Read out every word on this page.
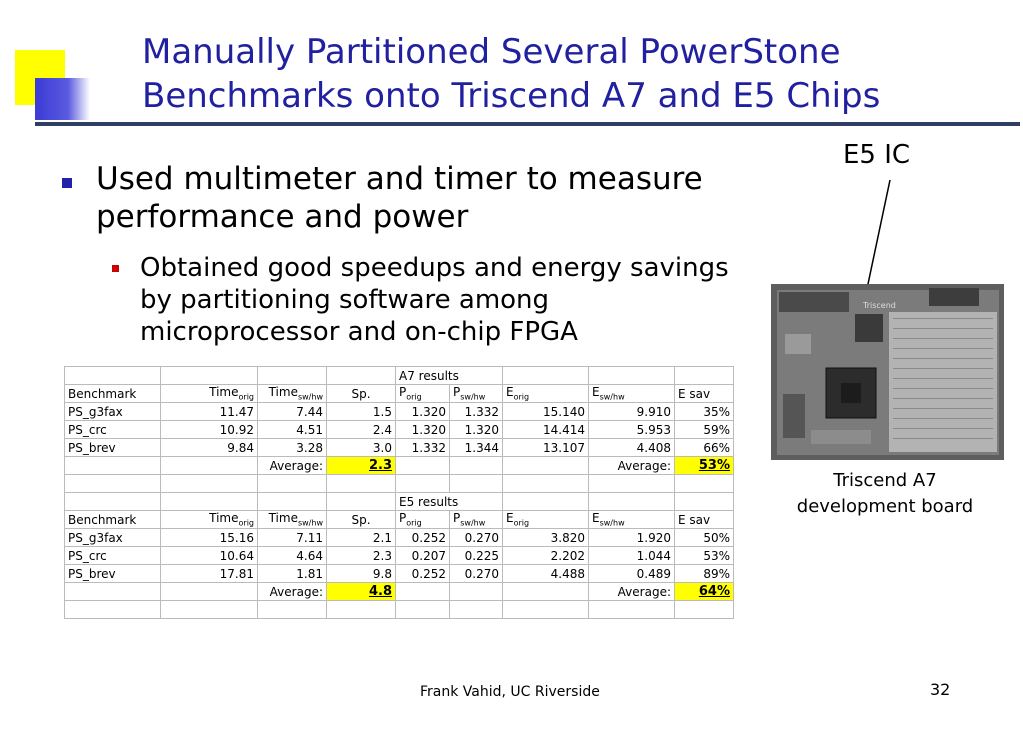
Manually Partitioned Several PowerStone
Benchmarks onto Triscend A7 and E5 Chips
Used multimeter and timer to measure performance and power
Obtained good speedups and energy savings by partitioning software among microprocessor and on-chip FPGA
E5 IC
Triscend
Triscend A7
development board
				A7 results				
Benchmark	Time$_{orig}$	Time$_{sw/hw}$	Sp.	$P_{orig}$	$P_{sw/hw}$	$E_{orig}$	$E_{sw/hw}$	E sav
PS_g3fax	11.47	7.44	1.5	1.320	1.332	15.140	9.910	35%
PS_crc	10.92	4.51	2.4	1.320	1.320	14.414	5.953	59%
PS_brev	9.84	3.28	3.0	1.332	1.344	13.107	4.408	66%
		Average:	2.3				Average:	53%

				E5 results				
Benchmark	Time$_{orig}$	Time$_{sw/hw}$	Sp.	$P_{orig}$	$P_{sw/hw}$	$E_{orig}$	$E_{sw/hw}$	E sav
PS_g3fax	15.16	7.11	2.1	0.252	0.270	3.820	1.920	50%
PS_crc	10.64	4.64	2.3	0.207	0.225	2.202	1.044	53%
PS_brev	17.81	1.81	9.8	0.252	0.270	4.488	0.489	89%
		Average:	4.8				Average:	64%

Frank Vahid, UC Riverside	32
